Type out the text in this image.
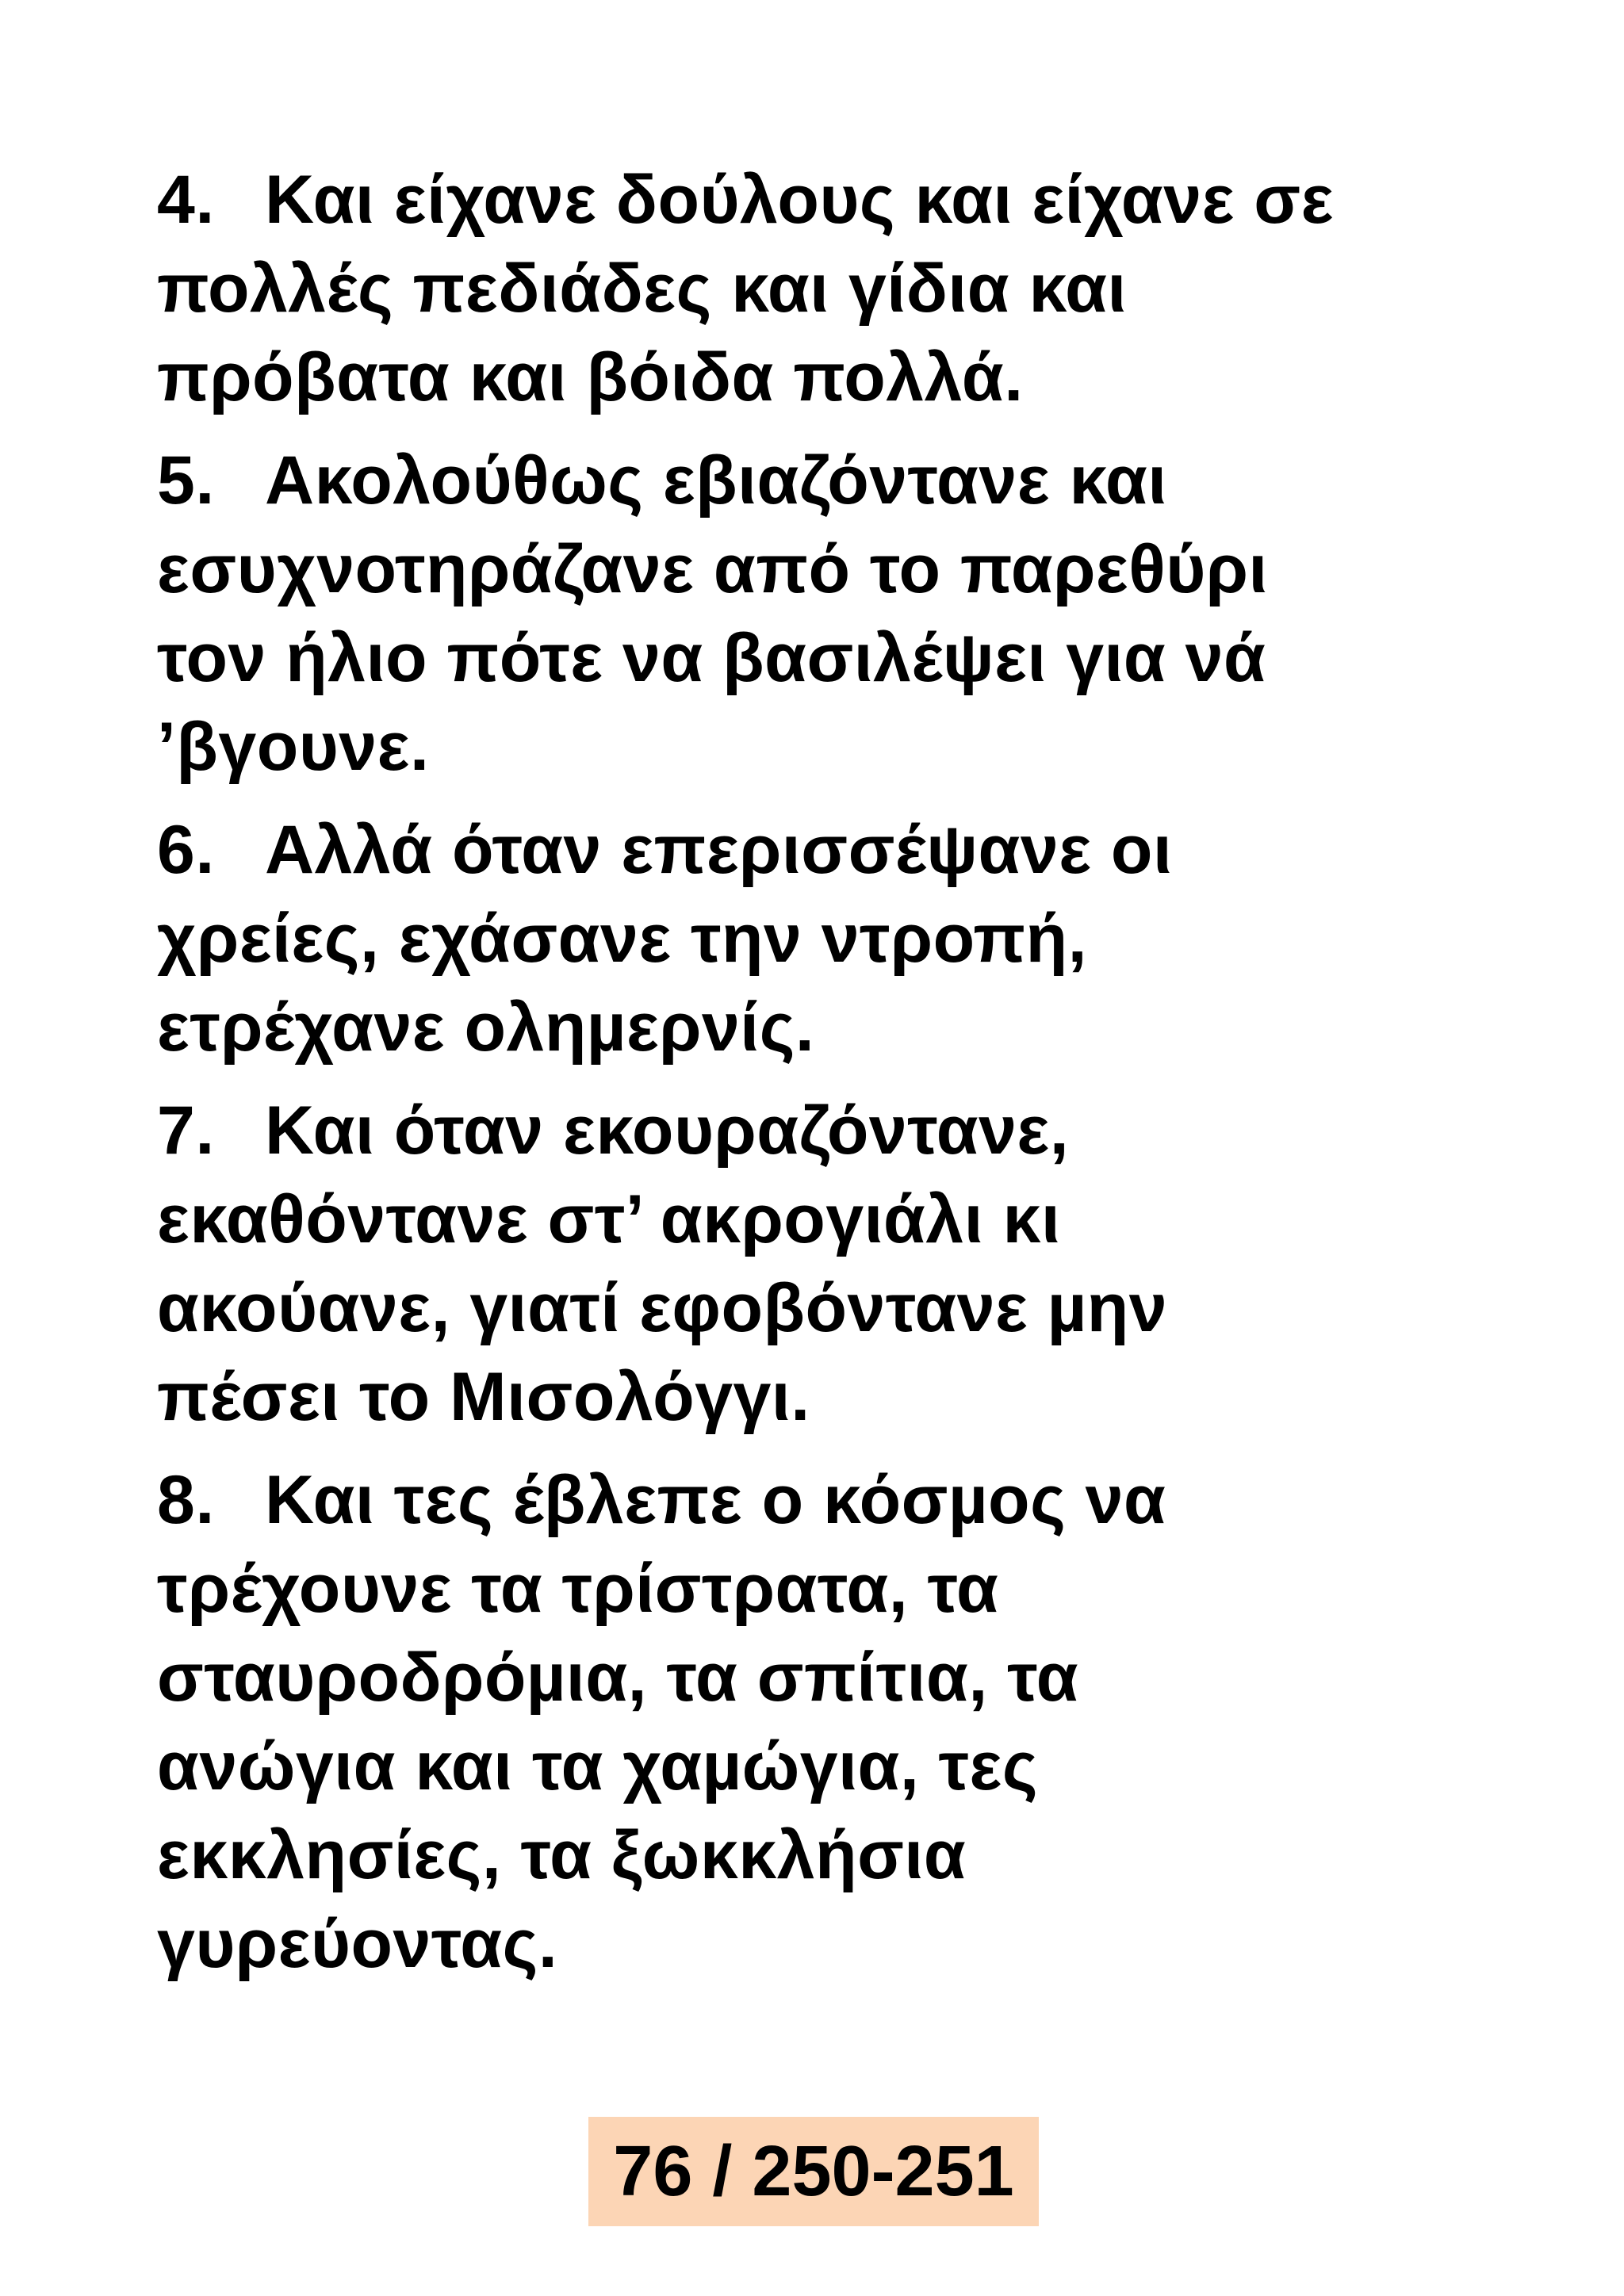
4. Και είχανε δούλους και είχανε σε
πολλές πεδιάδες και γίδια και
πρόβατα και βόιδα πολλά.
5. Ακολούθως εβιαζόντανε και
εσυχνοτηράζανε από το παρεθύρι
τον ήλιο πότε να βασιλέψει για νά
’βγουνε.
6. Αλλά όταν επερισσέψανε οι
χρείες, εχάσανε την ντροπή,
ετρέχανε οληµερνίς.
7. Και όταν εκουραζόντανε,
εκαθόντανε στ’ ακρογιάλι κι
ακούανε, γιατί εφοβόντανε µην
πέσει το Μισολόγγι.
8. Και τες έβλεπε ο κόσµος να
τρέχουνε τα τρίστρατα, τα
σταυροδρόµια, τα σπίτια, τα
ανώγια και τα χαµώγια, τες
εκκλησίες, τα ξωκκλήσια
γυρεύοντας.
76 / 250-251
